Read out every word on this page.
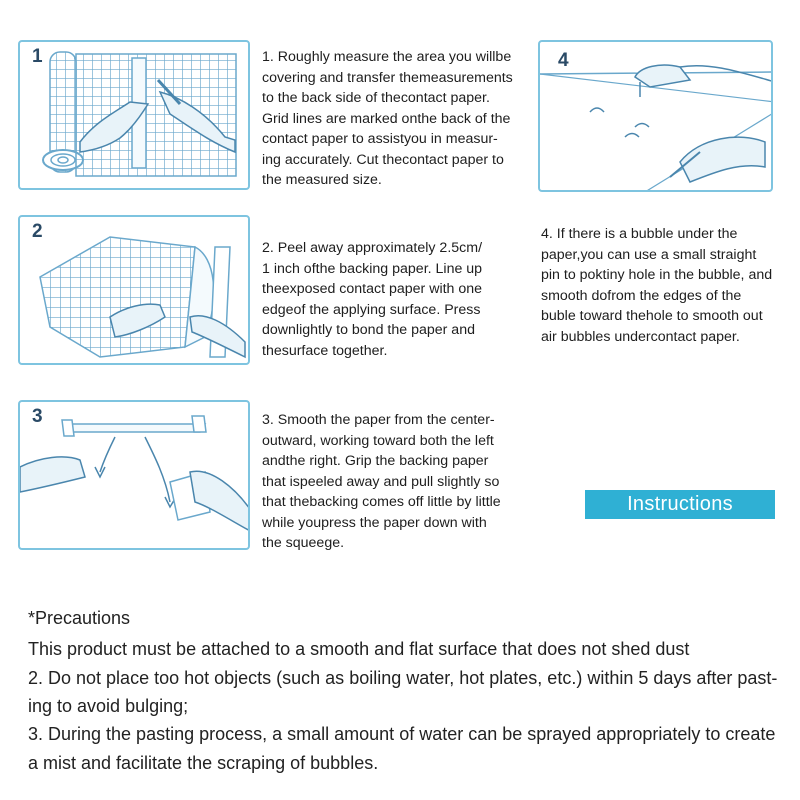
1	1. Roughly measure the area you willbe
covering and transfer themeasurements
to the back side of thecontact paper.
Grid lines are marked onthe back of the
contact paper to assistyou in measur-
ing accurately. Cut thecontact paper to
the measured size.

2

2. Peel away approximately 2.5cm/
1 inch ofthe backing paper. Line up
theexposed contact paper with one
edgeof the applying surface. Press
downlightly to bond the paper and
thesurface together.

3	3. Smooth the paper from the center-
outward, working toward both the left
andthe right. Grip the backing paper
that ispeeled away and pull slightly so
that thebacking comes off little by little
while youpress the paper down with
the squeege.

4

4. If there is a bubble under the
paper,you can use a small straight
pin to poktiny hole in the bubble, and
smooth dofrom the edges of the
buble toward thehole to smooth out
air bubbles undercontact paper.

Instructions

*Precautions

This product must be attached to a smooth and flat surface that does not shed dust

2. Do not place too hot objects (such as boiling water, hot plates, etc.) within 5 days after past-

ing to avoid bulging;

3. During the pasting process, a small amount of water can be sprayed appropriately to create

a mist and facilitate the scraping of bubbles.
